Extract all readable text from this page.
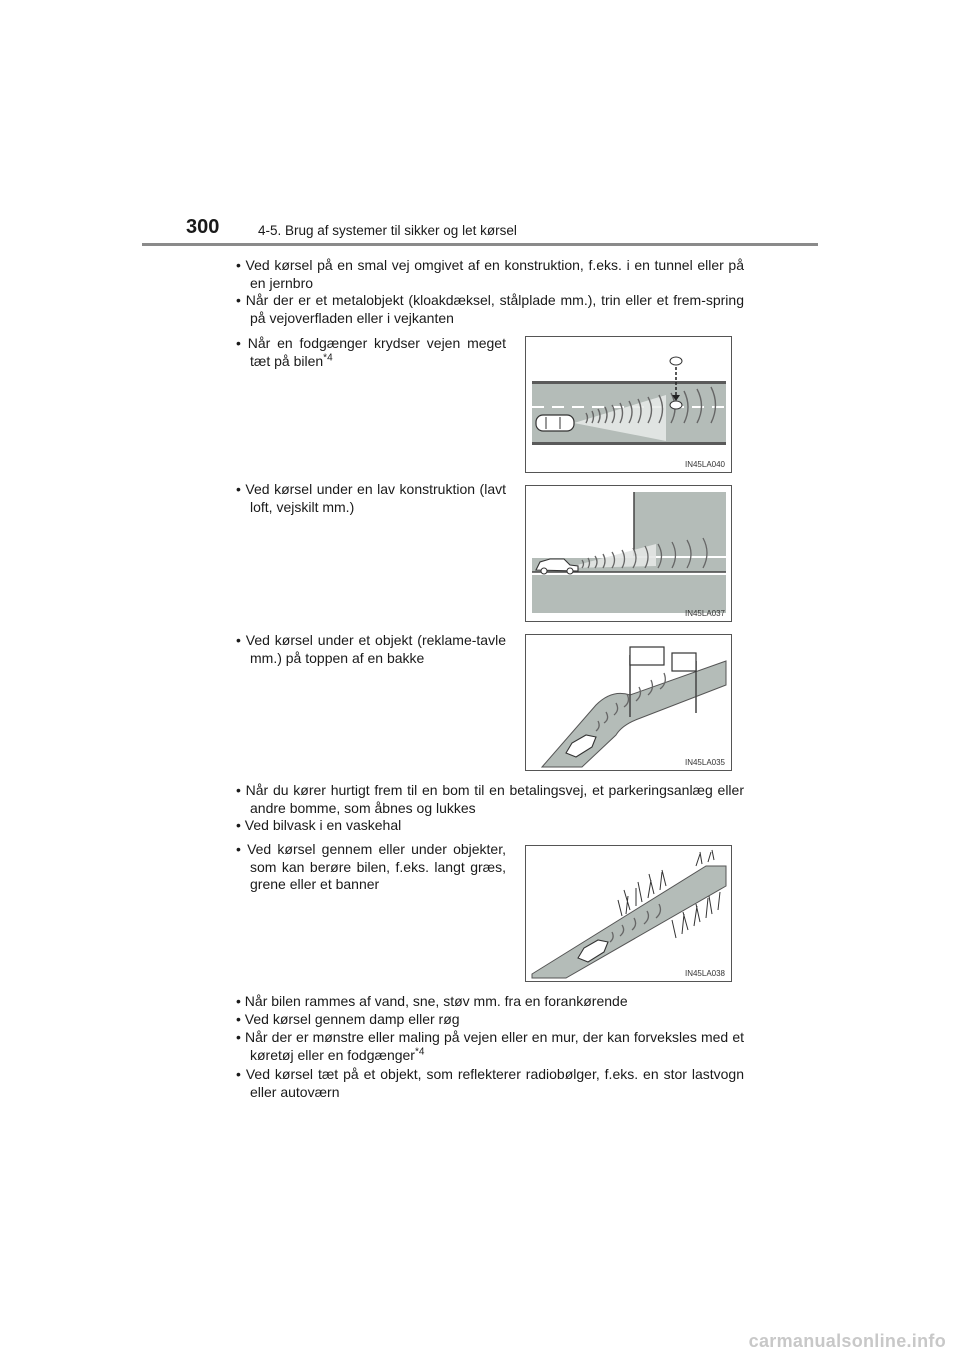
300	4-5. Brug af systemer til sikker og let kørsel
• Ved kørsel på en smal vej omgivet af en konstruktion, f.eks. i en tunnel eller på en jernbro
• Når der er et metalobjekt (kloakdæksel, stålplade mm.), trin eller et frem-spring på vejoverfladen eller i vejkanten
• Når en fodgænger krydser vejen meget tæt på bilen$^{*4}$
IN45LA040
• Ved kørsel under en lav konstruktion (lavt loft, vejskilt mm.)
IN45LA037
• Ved kørsel under et objekt (reklame-tavle mm.) på toppen af en bakke
IN45LA035
• Når du kører hurtigt frem til en bom til en betalingsvej, et parkeringsanlæg eller andre bomme, som åbnes og lukkes
• Ved bilvask i en vaskehal
• Ved kørsel gennem eller under objekter, som kan berøre bilen, f.eks. langt græs, grene eller et banner
IN45LA038
• Når bilen rammes af vand, sne, støv mm. fra en forankørende
• Ved kørsel gennem damp eller røg
• Når der er mønstre eller maling på vejen eller en mur, der kan forveksles med et køretøj eller en fodgænger$^{*4}$
• Ved kørsel tæt på et objekt, som reflekterer radiobølger, f.eks. en stor lastvogn eller autoværn
carmanualsonline.info
